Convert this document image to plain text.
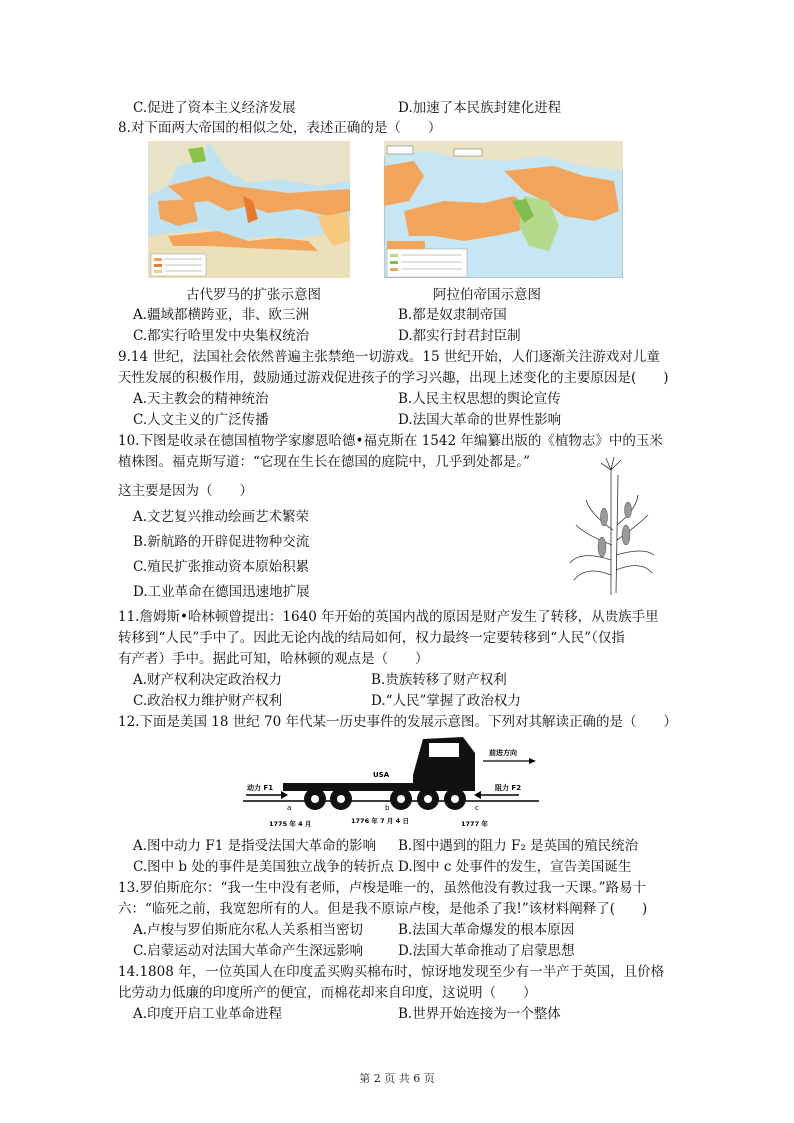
C.促进了资本主义经济发展	D.加速了本民族封建化进程
8.对下面两大帝国的相似之处，表述正确的是（　　）
古代罗马的扩张示意图	阿拉伯帝国示意图
A.疆域都横跨亚，非、欧三洲	B.都是奴隶制帝国
C.都实行哈里发中央集权统治	D.都实行封君封臣制
9.14 世纪，法国社会依然普遍主张禁绝一切游戏。15 世纪开始，人们逐渐关注游戏对儿童
天性发展的积极作用，鼓励通过游戏促进孩子的学习兴趣，出现上述变化的主要原因是(　　)
A.天主教会的精神统治	B.人民主权思想的舆论宣传
C.人文主义的广泛传播	D.法国大革命的世界性影响
10.下图是收录在德国植物学家廖恩哈德•福克斯在 1542 年编纂出版的《植物志》中的玉米
植株图。福克斯写道：“它现在生长在德国的庭院中，几乎到处都是。”
这主要是因为（　　）
A.文艺复兴推动绘画艺术繁荣
B.新航路的开辟促进物种交流
C.殖民扩张推动资本原始积累
D.工业革命在德国迅速地扩展
11.詹姆斯•哈林顿曾提出：1640 年开始的英国内战的原因是财产发生了转移，从贵族手里
转移到“人民”手中了。因此无论内战的结局如何，权力最终一定要转移到“人民”（仅指
有产者）手中。据此可知，哈林顿的观点是（　　）
A.财产权利决定政治权力	B.贵族转移了财产权利
C.政治权力维护财产权利	D.“人民”掌握了政治权力
12.下面是美国 18 世纪 70 年代某一历史事件的发展示意图。下列对其解读正确的是（　　）
USA
动力 F1
前进方向
阻力 F2
a	b	c
1775 年 4 月	1776 年 7 月 4 日	1777 年
A.图中动力 F1 是指受法国大革命的影响 B.图中遇到的阻力 F₂ 是英国的殖民统治
C.图中 b 处的事件是美国独立战争的转折点 D.图中 c 处事件的发生，宣告美国诞生
13.罗伯斯庇尔：“我一生中没有老师，卢梭是唯一的，虽然他没有教过我一天课。”路易十
六：“临死之前，我宽恕所有的人。但是我不原谅卢梭，是他杀了我!”该材料阐释了(　　)
A.卢梭与罗伯斯庇尔私人关系相当密切	B.法国大革命爆发的根本原因
C.启蒙运动对法国大革命产生深远影响	D.法国大革命推动了启蒙思想
14.1808 年，一位英国人在印度孟买购买棉布时，惊讶地发现至少有一半产于英国，且价格
比劳动力低廉的印度所产的便宜，而棉花却来自印度，这说明（　　）
A.印度开启工业革命进程	B.世界开始连接为一个整体
第 2 页 共 6 页
